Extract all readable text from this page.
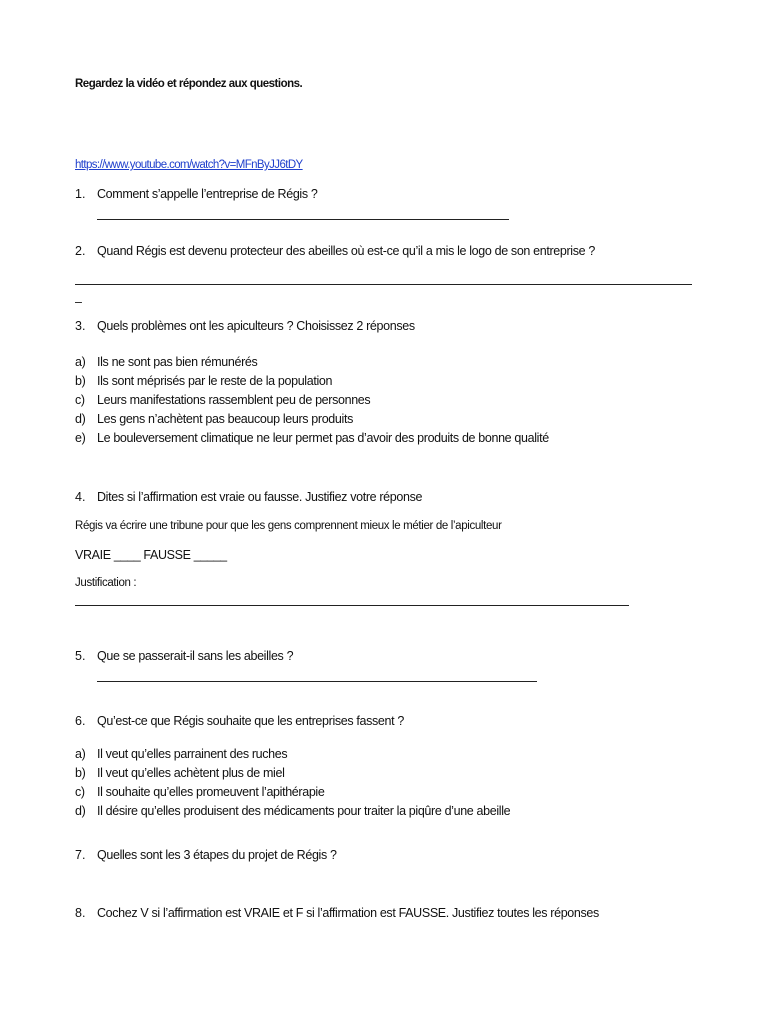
Regardez la vidéo et répondez aux questions.
https://www.youtube.com/watch?v=MFnByJJ6tDY
1. Comment s’appelle l’entreprise de Régis ?
2. Quand Régis est devenu protecteur des abeilles où est-ce qu’il a mis le logo de son entreprise ?
–
3. Quels problèmes ont les apiculteurs ? Choisissez 2 réponses
a) Ils ne sont pas bien rémunérés
b) Ils sont méprisés par le reste de la population
c) Leurs manifestations rassemblent peu de personnes
d) Les gens n’achètent pas beaucoup leurs produits
e) Le bouleversement climatique ne leur permet pas d’avoir des produits de bonne qualité
4. Dites si l’affirmation est vraie ou fausse. Justifiez votre réponse
Régis va écrire une tribune pour que les gens comprennent mieux le métier de l’apiculteur
VRAIE ____ FAUSSE _____
Justification :
5. Que se passerait-il sans les abeilles ?
6. Qu’est-ce que Régis souhaite que les entreprises fassent ?
a) Il veut qu’elles parrainent des ruches
b) Il veut qu’elles achètent plus de miel
c) Il souhaite qu’elles promeuvent l’apithérapie
d) Il désire qu’elles produisent des médicaments pour traiter la piqûre d’une abeille
7. Quelles sont les 3 étapes du projet de Régis ?
8. Cochez V si l’affirmation est VRAIE et F si l’affirmation est FAUSSE. Justifiez toutes les réponses
